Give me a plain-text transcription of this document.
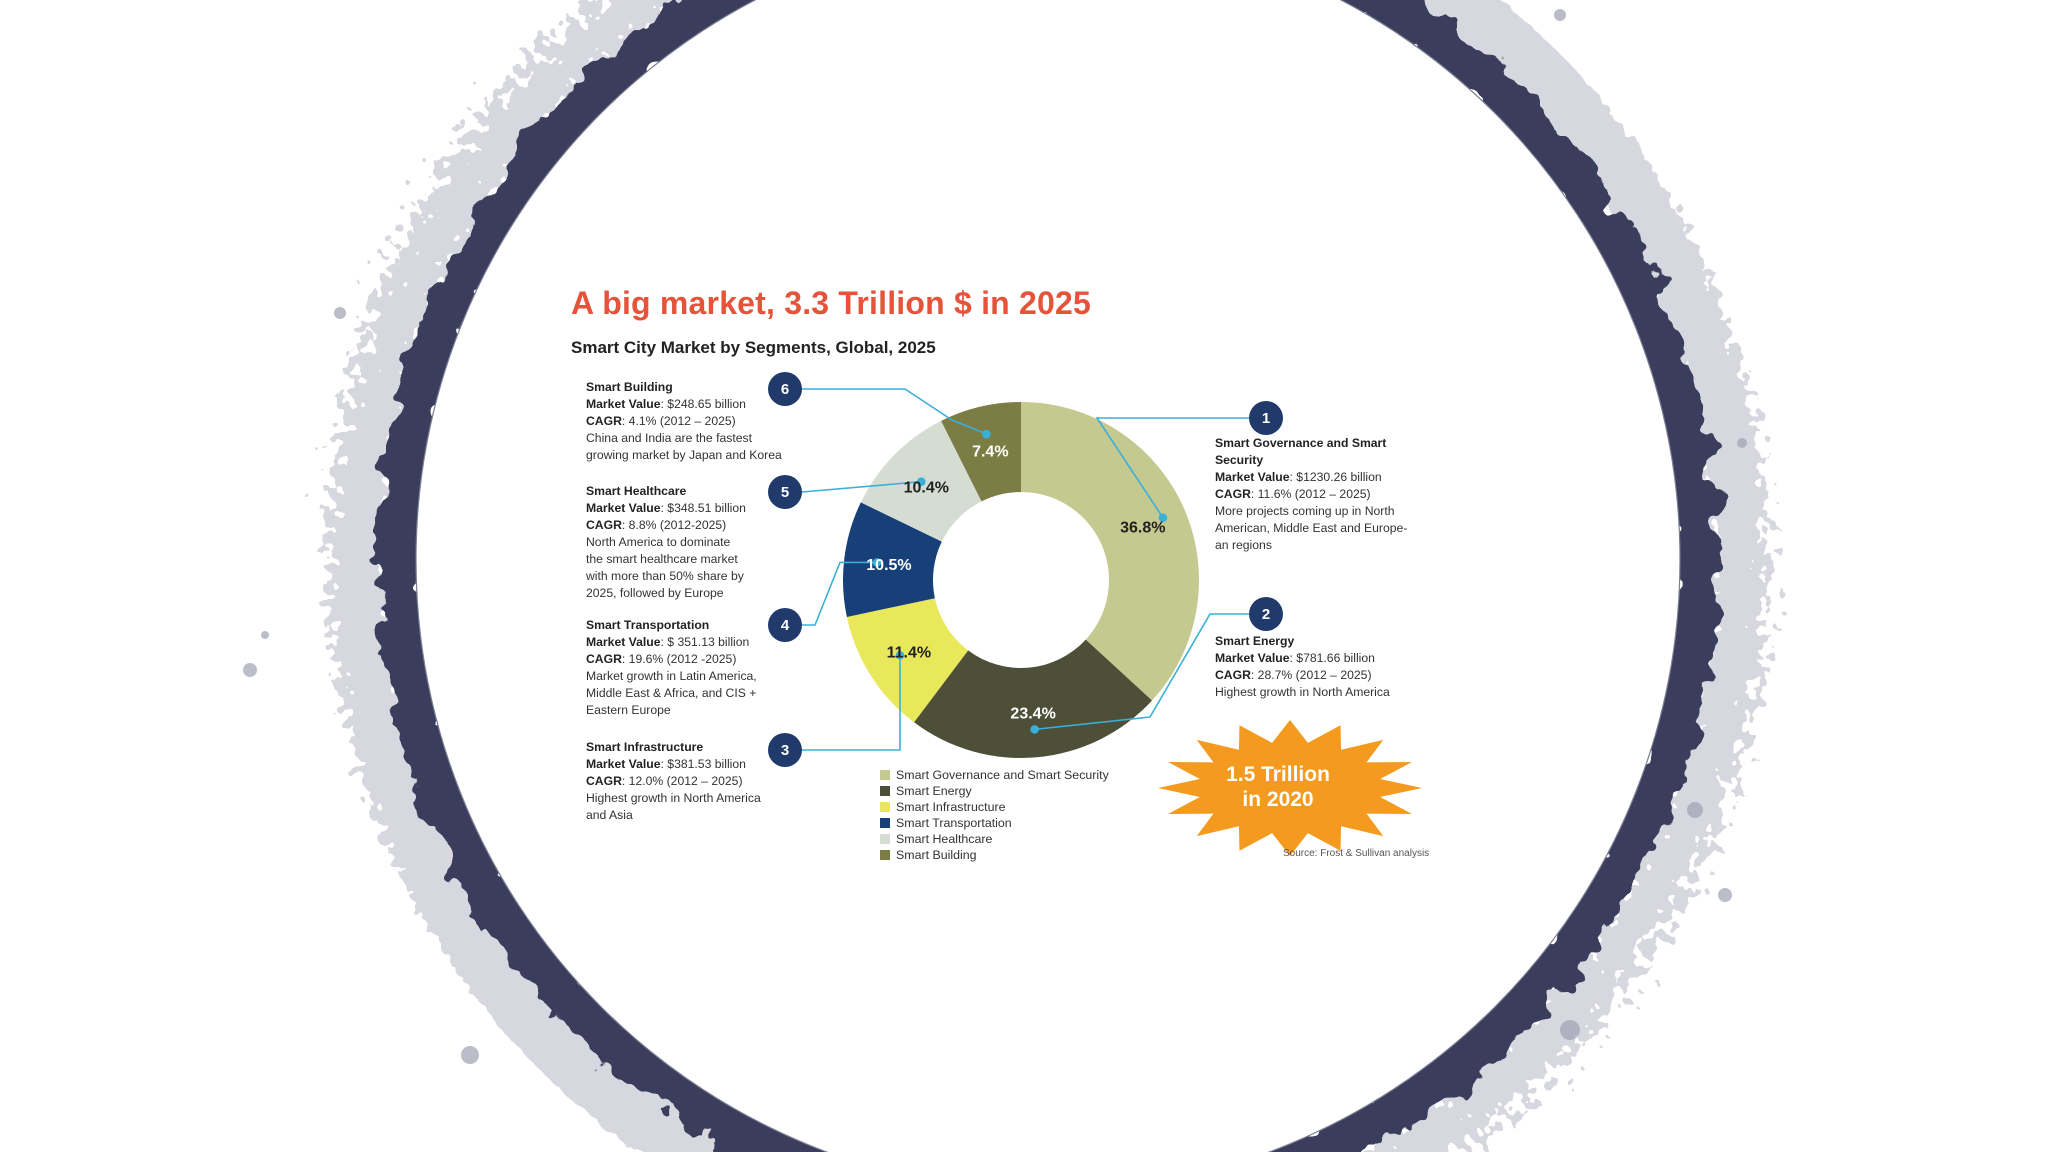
A big market, 3.3 Trillion $ in 2025
Smart City Market by Segments, Global, 2025
36.8%
23.4%
11.4%
10.5%
10.4%
7.4%
Smart Building
Market Value: $248.65 billion
CAGR: 4.1% (2012 – 2025)
China and India are the fastest
growing market by Japan and Korea
Smart Healthcare
Market Value: $348.51 billion
CAGR: 8.8% (2012-2025)
North America to dominate
the smart healthcare market
with more than 50% share by
2025, followed by Europe
Smart Transportation
Market Value: $ 351.13 billion
CAGR: 19.6% (2012 -2025)
Market growth in Latin America,
Middle East & Africa, and CIS +
Eastern Europe
Smart Infrastructure
Market Value: $381.53 billion
CAGR: 12.0% (2012 – 2025)
Highest growth in North America
and Asia
Smart Governance and Smart
Security
Market Value: $1230.26 billion
CAGR: 11.6% (2012 – 2025)
More projects coming up in North
American, Middle East and Europe-
an regions
Smart Energy
Market Value: $781.66 billion
CAGR: 28.7% (2012 – 2025)
Highest growth in North America
6
5
4
3
1
2
Smart Governance and Smart Security
Smart Energy
Smart Infrastructure
Smart Transportation
Smart Healthcare
Smart Building
1.5 Trillion
in 2020
Source: Frost & Sullivan analysis
